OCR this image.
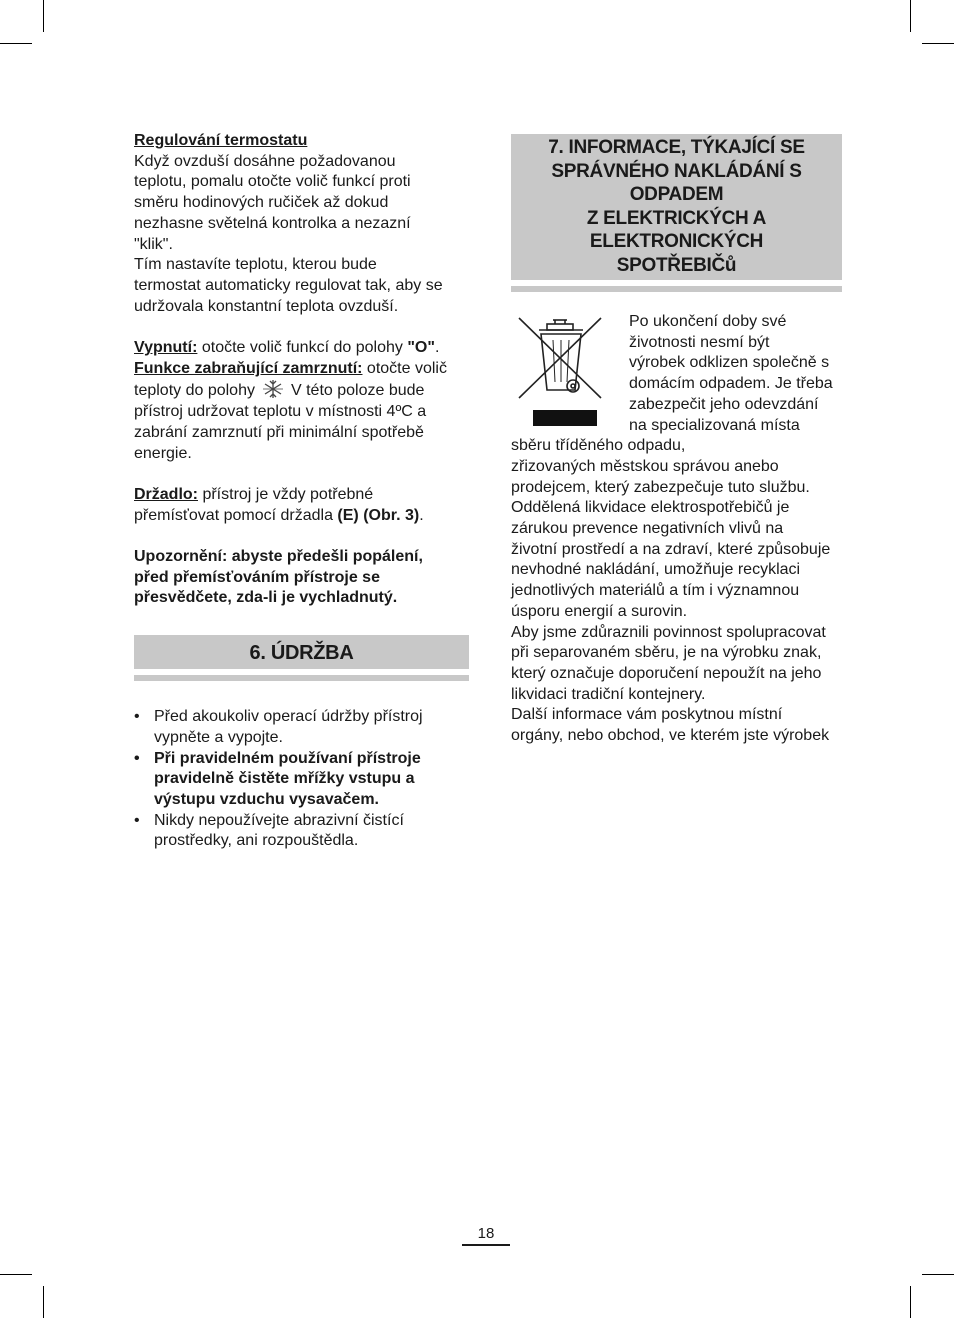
Regulování termostatu

Když ovzduší dosáhne požadovanou

teplotu, pomalu otočte volič funkcí proti

směru hodinových ručiček až dokud

nezhasne světelná kontrolka a nezazní

"klik".

Tím nastavíte teplotu, kterou bude

termostat automaticky regulovat tak, aby se

udržovala konstantní teplota ovzduší.

Vypnutí: otočte volič funkcí do polohy "O".

Funkce zabraňující zamrznutí: otočte volič

teploty do polohy V této poloze bude

přístroj udržovat teplotu v místnosti 4ºC a

zabrání zamrznutí při minimální spotřebě

energie.

Držadlo: přístroj je vždy potřebné

přemísťovat pomocí držadla (E) (Obr. 3).

Upozornění: abyste předešli popálení,

před přemísťováním přístroje se

přesvědčete, zda-li je vychladnutý.

6. ÚDRŽBA
• Před akoukoliv operací údržby přístroj

vypněte a vypojte.

• Při pravidelném používaní přístroje

pravidelně čistěte mřížky vstupu a

výstupu vzduchu vysavačem.

• Nikdy nepoužívejte abrazivní čistící

prostředky, ani rozpouštědla.

7. INFORMACE, TÝKAJÍCÍ SE

SPRÁVNÉHO NAKLÁDÁNÍ S ODPADEM

Z ELEKTRICKÝCH A ELEKTRONICKÝCH

SPOTŘEBIČů

Po ukončení doby své

životnosti nesmí být

výrobek odklizen společně s

domácím odpadem. Je třeba

zabezpečit jeho odevzdání

na specializovaná místa

sběru tříděného odpadu,

zřizovaných městskou správou anebo

prodejcem, který zabezpečuje tuto službu.

Oddělená likvidace elektrospotřebičů je

zárukou prevence negativních vlivů na

životní prostředí a na zdraví, které způsobuje

nevhodné nakládání, umožňuje recyklaci

jednotlivých materiálů a tím i významnou

úsporu energií a surovin.

Aby jsme zdůraznili povinnost spolupracovat

při separovaném sběru, je na výrobku znak,

který označuje doporučení nepoužít na jeho

likvidaci tradiční kontejnery.

Další informace vám poskytnou místní

orgány, nebo obchod, ve kterém jste výrobek

18
